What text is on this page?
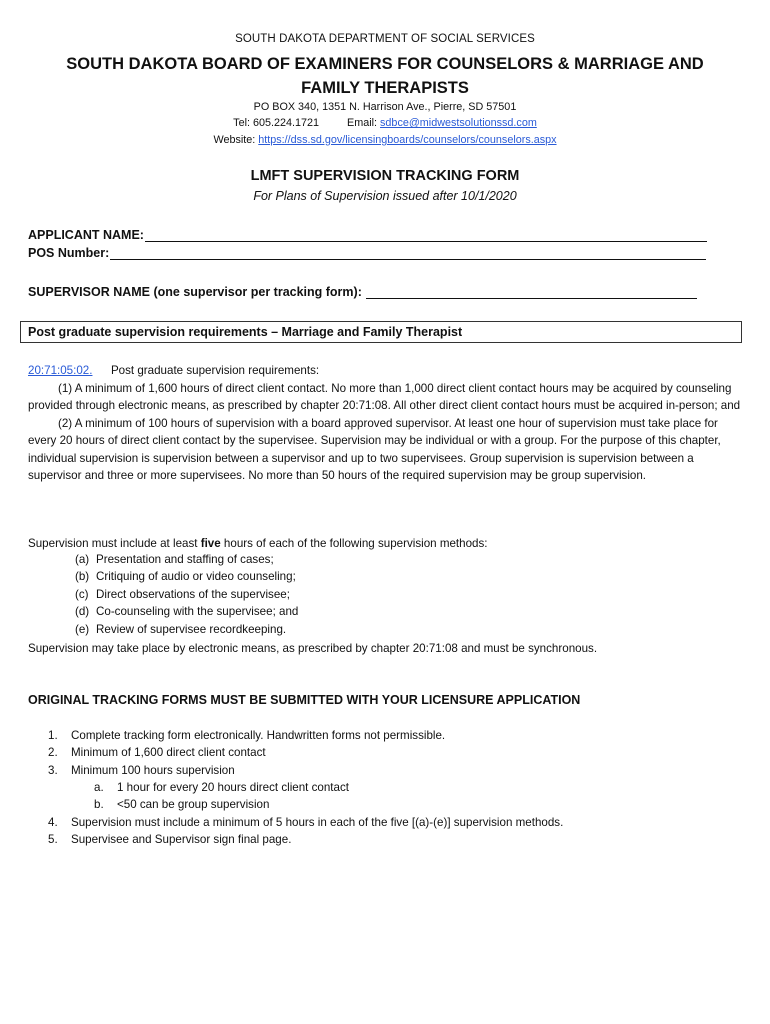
SOUTH DAKOTA DEPARTMENT OF SOCIAL SERVICES
SOUTH DAKOTA BOARD OF EXAMINERS FOR COUNSELORS & MARRIAGE AND
FAMILY THERAPISTS
PO BOX 340, 1351 N. Harrison Ave., Pierre, SD 57501
Tel: 605.224.1721	Email: sdbce@midwestsolutionssd.com
Website: https://dss.sd.gov/licensingboards/counselors/counselors.aspx
LMFT SUPERVISION TRACKING FORM
For Plans of Supervision issued after 10/1/2020
APPLICANT NAME:
POS Number:
SUPERVISOR NAME (one supervisor per tracking form):
Post graduate supervision requirements – Marriage and Family Therapist
20:71:05:02. Post graduate supervision requirements:
(1) A minimum of 1,600 hours of direct client contact. No more than 1,000 direct client contact hours may be acquired by counseling provided through electronic means, as prescribed by chapter 20:71:08. All other direct client contact hours must be acquired in-person; and
(2) A minimum of 100 hours of supervision with a board approved supervisor. At least one hour of supervision must take place for every 20 hours of direct client contact by the supervisee. Supervision may be individual or with a group. For the purpose of this chapter, individual supervision is supervision between a supervisor and up to two supervisees. Group supervision is supervision between a supervisor and three or more supervisees. No more than 50 hours of the required supervision may be group supervision.
Supervision must include at least five hours of each of the following supervision methods:
(a) Presentation and staffing of cases;
(b) Critiquing of audio or video counseling;
(c) Direct observations of the supervisee;
(d) Co-counseling with the supervisee; and
(e) Review of supervisee recordkeeping.
Supervision may take place by electronic means, as prescribed by chapter 20:71:08 and must be synchronous.
ORIGINAL TRACKING FORMS MUST BE SUBMITTED WITH YOUR LICENSURE APPLICATION
1. Complete tracking form electronically. Handwritten forms not permissible.
2. Minimum of 1,600 direct client contact
3. Minimum 100 hours supervision
a. 1 hour for every 20 hours direct client contact
b. <50 can be group supervision
4. Supervision must include a minimum of 5 hours in each of the five [(a)-(e)] supervision methods.
5. Supervisee and Supervisor sign final page.
